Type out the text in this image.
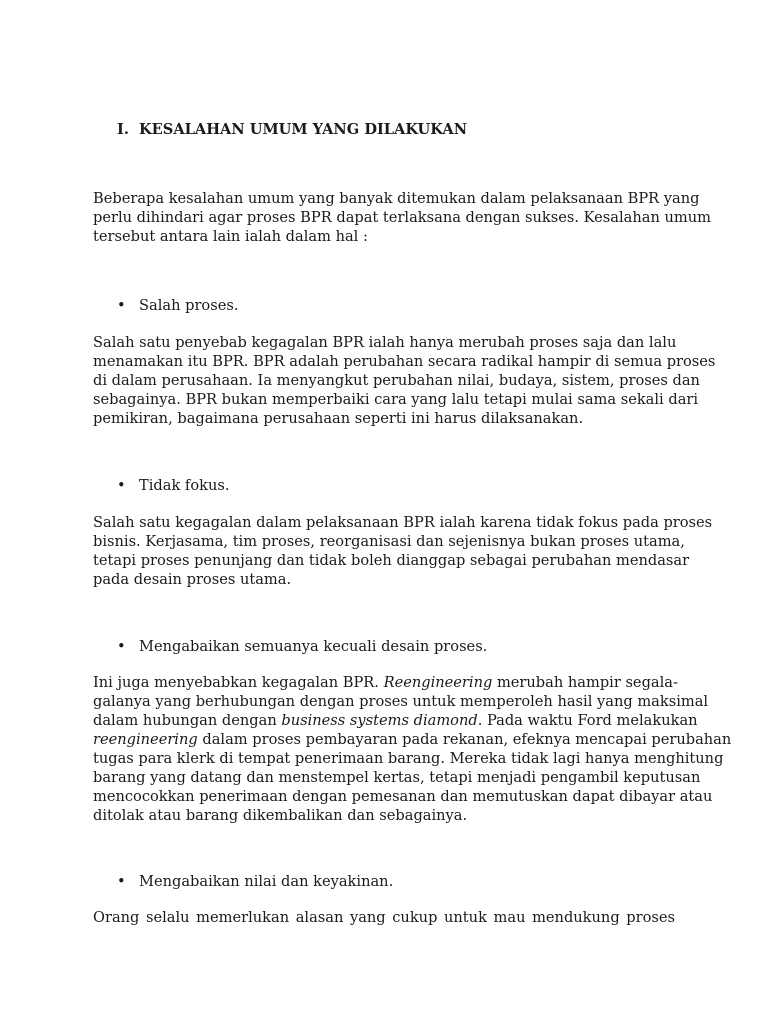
I. KESALAHAN UMUM YANG DILAKUKAN
Beberapa kesalahan umum yang banyak ditemukan dalam pelaksanaan BPR yang
perlu dihindari agar proses BPR dapat terlaksana dengan sukses. Kesalahan umum
tersebut antara lain ialah dalam hal :
• Salah proses.
Salah satu penyebab kegagalan BPR ialah hanya merubah proses saja dan lalu
menamakan itu BPR. BPR adalah perubahan secara radikal hampir di semua proses
di dalam perusahaan. Ia menyangkut perubahan nilai, budaya, sistem, proses dan
sebagainya. BPR bukan memperbaiki cara yang lalu tetapi mulai sama sekali dari
pemikiran, bagaimana perusahaan seperti ini harus dilaksanakan.
• Tidak fokus.
Salah satu kegagalan dalam pelaksanaan BPR ialah karena tidak fokus pada proses
bisnis. Kerjasama, tim proses, reorganisasi dan sejenisnya bukan proses utama,
tetapi proses penunjang dan tidak boleh dianggap sebagai perubahan mendasar
pada desain proses utama.
• Mengabaikan semuanya kecuali desain proses.
Ini juga menyebabkan kegagalan BPR. Reengineering merubah hampir segala-
galanya yang berhubungan dengan proses untuk memperoleh hasil yang maksimal
dalam hubungan dengan business systems diamond. Pada waktu Ford melakukan
reengineering dalam proses pembayaran pada rekanan, efeknya mencapai perubahan
tugas para klerk di tempat penerimaan barang. Mereka tidak lagi hanya menghitung
barang yang datang dan menstempel kertas, tetapi menjadi pengambil keputusan
mencocokkan penerimaan dengan pemesanan dan memutuskan dapat dibayar atau
ditolak atau barang dikembalikan dan sebagainya.
• Mengabaikan nilai dan keyakinan.
Orang selalu memerlukan alasan yang cukup untuk mau mendukung proses
